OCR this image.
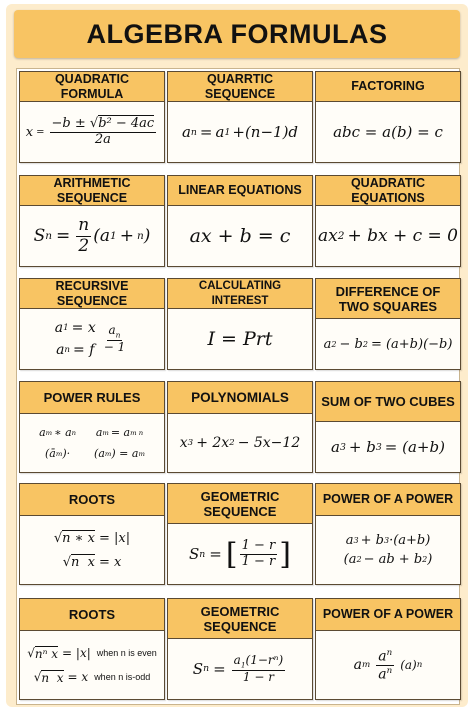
ALGEBRA FORMULAS
QUADRATIC FORMULA
$x = \frac{\text{−b ± √b² − 4ac}}{2a}$
QUARRTIC SEQUENCE
a n = a 1 +(n−1)d
FACTORING
abc = a(b) = c
ARITHMETIC SEQUENCE
S $n = \frac{n}{2} (a$ 1 + n )
LINEAR EQUATIONS
ax + b = c
QUADRATIC EQUATIONS
ax 2 + bx + c = 0
RECURSIVE SEQUENCE
a 1 = x
a n = f
$a_n$
− 1
CALCULATING INTEREST
I = Prt
DIFFERENCE OF TWO SQUARES
a 2 − b 2 = (a+b)(−b)
POWER RULES
a m ∗ a n a m = a m n
(ā m )· (a m ) = a m
POLYNOMIALS
x 3 + 2x 2 − 5x−12
SUM OF TWO CUBES
a 3 + b 3 = (a+b)
ROOTS
√ n ∗ x = |x|
√ n  x = x
GEOMETRIC SEQUENCE
S n = [ 1 − r
1 − r ]
POWER OF A POWER
a 3 + b 3 ·(a+b)
(a 2 − ab + b 2 )
ROOTS
√ nⁿ x = |x| when n is even
√ n  x = x when n is-odd
GEOMETRIC SEQUENCE
S $n = \frac{a_1(1-r^n)}{1 - r}$
POWER OF A POWER
a m
$a^n$
$a^n$ (a) n
